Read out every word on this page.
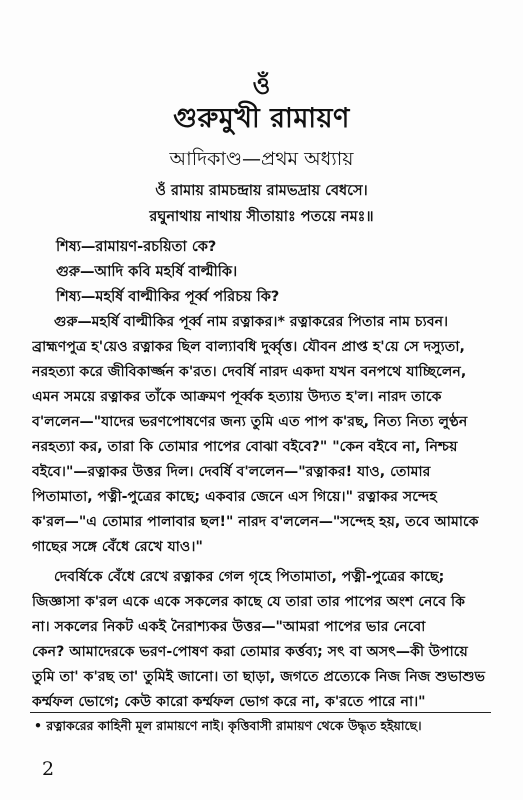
ওঁ
গুরুমুখী রামায়ণ
আদিকাণ্ড—প্রথম অধ্যায়
ওঁ রামায় রামচন্দ্রায় রামভদ্রায় বেধসে।
রঘুনাথায় নাথায় সীতায়াঃ পতয়ে নমঃ॥
শিষ্য—রামায়ণ-রচয়িতা কে?
গুরু—আদি কবি মহর্ষি বাল্মীকি।
শিষ্য—মহর্ষি বাল্মীকির পূর্ব্ব পরিচয় কি?
গুরু—মহর্ষি বাল্মীকির পূর্ব্ব নাম রত্নাকর।* রত্নাকরের পিতার নাম চ্যবন।
ব্রাহ্মণপুত্র হ'য়েও রত্নাকর ছিল বাল্যাবধি দুর্ব্বৃত্ত। যৌবন প্রাপ্ত হ'য়ে সে দস্যুতা,
নরহত্যা করে জীবিকার্জ্জন ক'রত। দেবর্ষি নারদ একদা যখন বনপথে যাচ্ছিলেন,
এমন সময়ে রত্নাকর তাঁকে আক্রমণ পূর্ব্বক হত্যায় উদ্যত হ'ল। নারদ তাকে
ব'ললেন—"যাদের ভরণপোষণের জন্য তুমি এত পাপ ক'রছ, নিত্য নিত্য লুণ্ঠন
নরহত্যা কর, তারা কি তোমার পাপের বোঝা বইবে?" "কেন বইবে না, নিশ্চয়
বইবে।"—রত্নাকর উত্তর দিল। দেবর্ষি ব'ললেন—"রত্নাকর! যাও, তোমার
পিতামাতা, পত্নী-পুত্রের কাছে; একবার জেনে এস গিয়ে।" রত্নাকর সন্দেহ
ক'রল—"এ তোমার পালাবার ছল!" নারদ ব'ললেন—"সন্দেহ হয়, তবে আমাকে
গাছের সঙ্গে বেঁধে রেখে যাও।"
দেবর্ষিকে বেঁধে রেখে রত্নাকর গেল গৃহে পিতামাতা, পত্নী-পুত্রের কাছে;
জিজ্ঞাসা ক'রল একে একে সকলের কাছে যে তারা তার পাপের অংশ নেবে কি
না। সকলের নিকট একই নৈরাশ্যকর উত্তর—"আমরা পাপের ভার নেবো
কেন? আমাদেরকে ভরণ-পোষণ করা তোমার কর্ত্তব্য; সৎ বা অসৎ—কী উপায়ে
তুমি তা' ক'রছ তা' তুমিই জানো। তা ছাড়া, জগতে প্রত্যেকে নিজ নিজ শুভাশুভ
কর্ম্মফল ভোগে; কেউ কারো কর্ম্মফল ভোগ করে না, ক'রতে পারে না।"
• রত্নাকরের কাহিনী মূল রামায়ণে নাই। কৃত্তিবাসী রামায়ণ থেকে উদ্ধৃত হইয়াছে।
2
